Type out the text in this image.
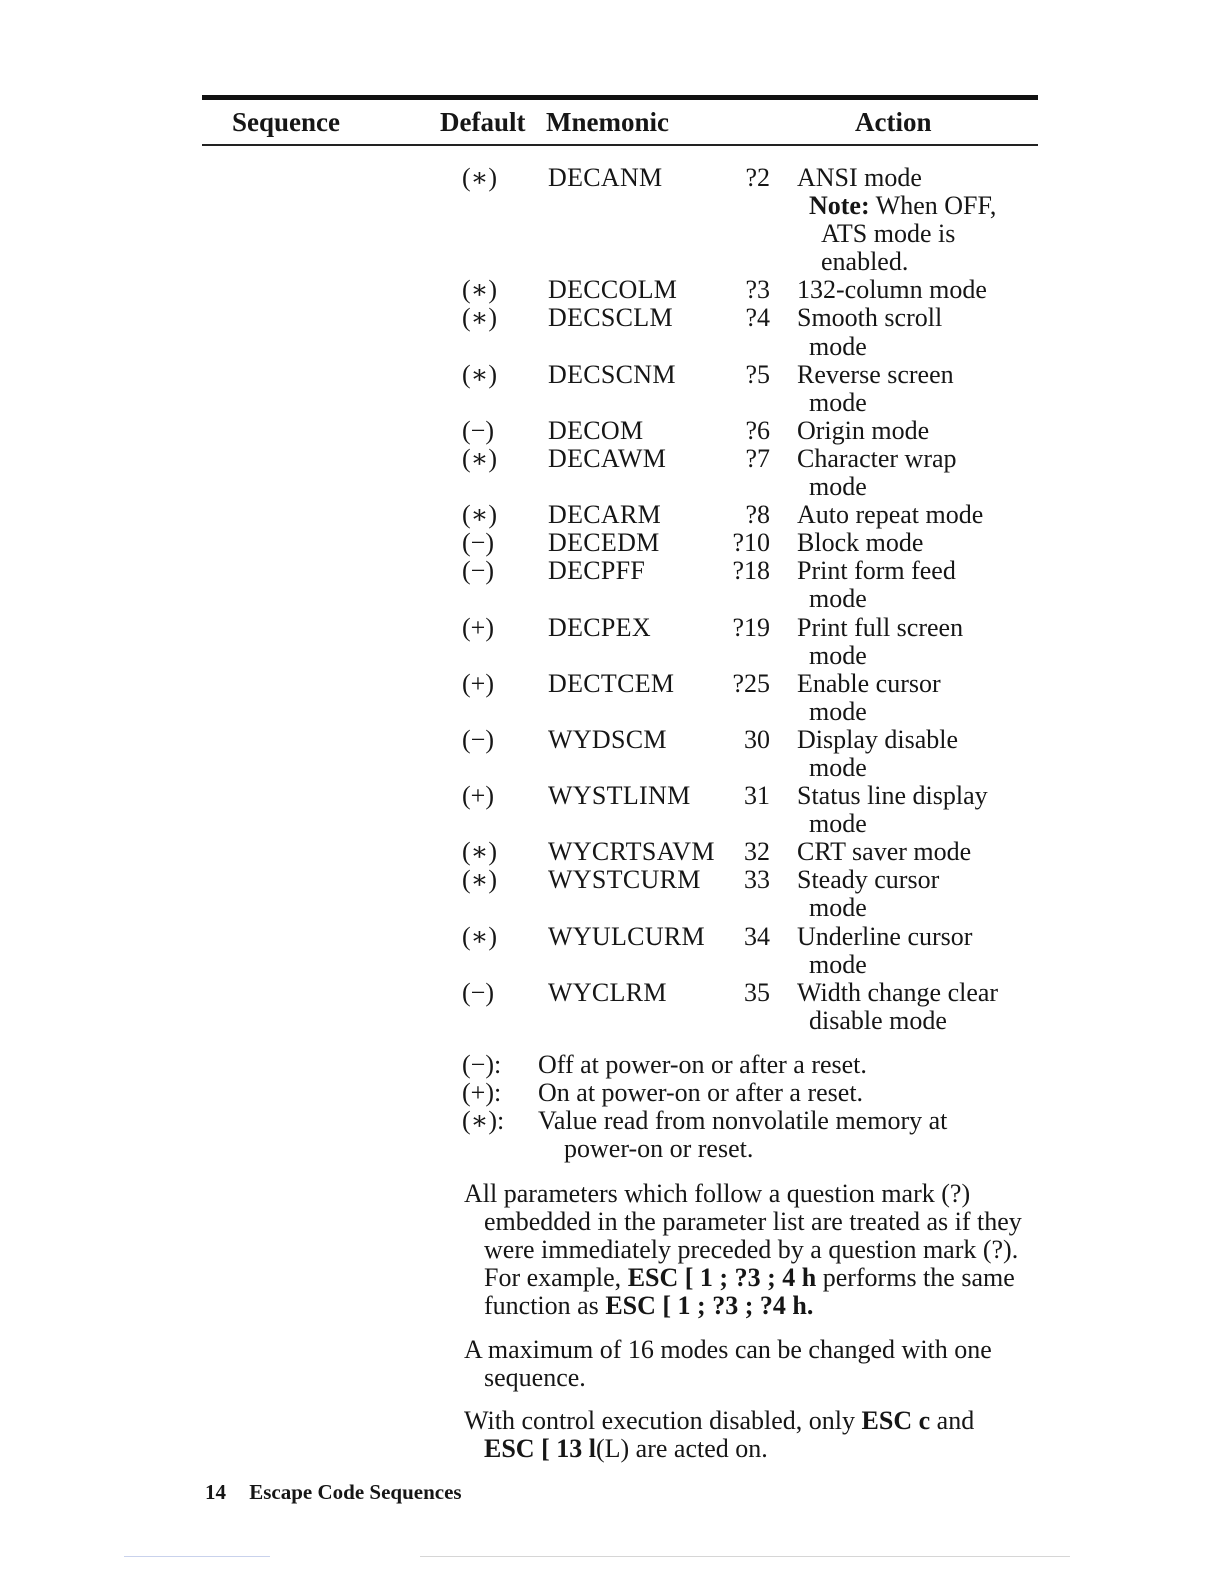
Sequence	Default Mnemonic	Action
(∗) DECANM	?2 ANSI mode
Note: When OFF,
ATS mode is
enabled.
(∗) DECCOLM	?3 132-column mode
(∗) DECSCLM	?4 Smooth scroll
mode
(∗) DECSCNM	?5 Reverse screen
mode
(−) DECOM	?6 Origin mode
(∗) DECAWM	?7 Character wrap
mode
(∗) DECARM	?8 Auto repeat mode
(−) DECEDM	?10 Block mode
(−) DECPFF	?18 Print form feed
mode
(+) DECPEX	?19 Print full screen
mode
(+) DECTCEM	?25 Enable cursor
mode
(−) WYDSCM	30 Display disable
mode
(+) WYSTLINM	31 Status line display
mode
(∗) WYCRTSAVM	32 CRT saver mode
(∗) WYSTCURM	33 Steady cursor
mode
(∗) WYULCURM	34 Underline cursor
mode
(−) WYCLRM	35 Width change clear
disable mode
(−): Off at power-on or after a reset.
(+): On at power-on or after a reset.
(∗): Value read from nonvolatile memory at
power-on or reset.
All parameters which follow a question mark (?)
embedded in the parameter list are treated as if they
were immediately preceded by a question mark (?).
For example, ESC [ 1 ; ?3 ; 4 h performs the same
function as ESC [ 1 ; ?3 ; ?4 h.
A maximum of 16 modes can be changed with one
sequence.
With control execution disabled, only ESC c and
ESC [ 13 l(L) are acted on.
14 Escape Code Sequences
